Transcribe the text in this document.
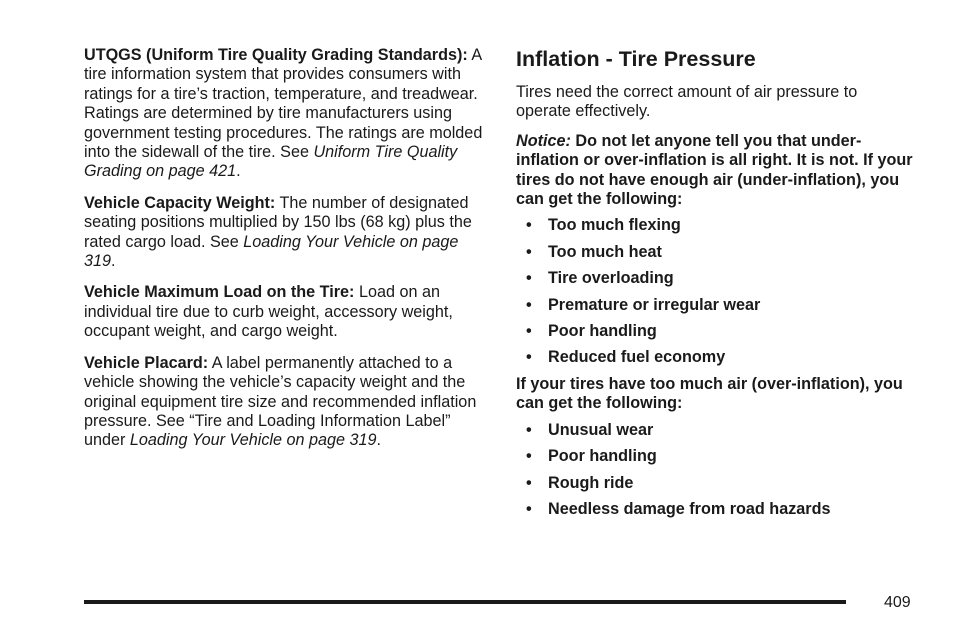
UTQGS (Uniform Tire Quality Grading Standards): A tire information system that provides consumers with ratings for a tire’s traction, temperature, and treadwear. Ratings are determined by tire manufacturers using government testing procedures. The ratings are molded into the sidewall of the tire. See Uniform Tire Quality Grading on page 421.

Vehicle Capacity Weight: The number of designated seating positions multiplied by 150 lbs (68 kg) plus the rated cargo load. See Loading Your Vehicle on page 319.

Vehicle Maximum Load on the Tire: Load on an individual tire due to curb weight, accessory weight, occupant weight, and cargo weight.

Vehicle Placard: A label permanently attached to a vehicle showing the vehicle’s capacity weight and the original equipment tire size and recommended inflation pressure. See “Tire and Loading Information Label” under Loading Your Vehicle on page 319.

Inflation - Tire Pressure

Tires need the correct amount of air pressure to operate effectively.

Notice: Do not let anyone tell you that under-inflation or over-inflation is all right. It is not. If your tires do not have enough air (under-inflation), you can get the following:

• Too much flexing
• Too much heat
• Tire overloading
• Premature or irregular wear
• Poor handling
• Reduced fuel economy

If your tires have too much air (over-inflation), you can get the following:

• Unusual wear
• Poor handling
• Rough ride
• Needless damage from road hazards
409
